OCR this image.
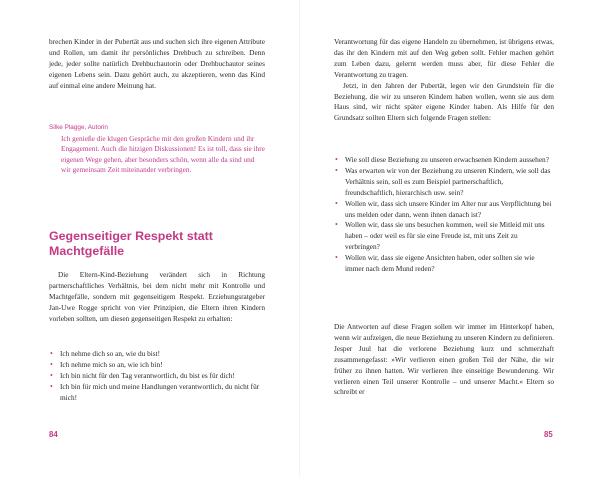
brechen Kinder in der Pubertät aus und suchen sich ihre eigenen Attribute und Rollen, um damit ihr persönliches Drehbuch zu schreiben. Denn jede, jeder sollte natürlich Drehbuchautorin oder Drehbuchautor seines eigenen Lebens sein. Dazu gehört auch, zu akzeptieren, wenn das Kind auf einmal eine andere Meinung hat.

Silke Plagge, Autorin
Ich genieße die klugen Gespräche mit den großen Kindern und ihr Engagement. Auch die hitzigen Diskussionen! Es ist toll, dass sie ihre eigenen Wege gehen, aber besonders schön, wenn alle da sind und wir gemeinsam Zeit miteinander verbringen.
Gegenseitiger Respekt statt
Machtgefälle

Die Eltern-Kind-Beziehung verändert sich in Richtung partnerschaftliches Verhältnis, bei dem nicht mehr mit Kontrolle und Machtgefälle, sondern mit gegenseitigem Respekt. Erziehungsratgeber Jan-Uwe Rogge spricht von vier Prinzipien, die Eltern ihren Kindern vorleben sollten, um diesen gegenseitigen Respekt zu erhalten:

•
Ich nehme dich so an, wie du bist!
•
Ich nehme mich so an, wie ich bin!
•
Ich bin nicht für den Tag verantwortlich, du bist es für dich!
•
Ich bin für mich und meine Handlungen verantwortlich, du nicht für mich!
84

Verantwortung für das eigene Handeln zu übernehmen, ist übrigens etwas, das ihr den Kindern mit auf den Weg geben sollt. Fehler machen gehört zum Leben dazu, gelernt werden muss aber, für diese Fehler die Verantwortung zu tragen.

Jetzt, in den Jahren der Pubertät, legen wir den Grundstein für die Beziehung, die wir zu unseren Kindern haben wollen, wenn sie aus dem Haus sind, wir nicht später eigene Kinder haben. Als Hilfe für den Grundsatz sollten Eltern sich folgende Fragen stellen:

•
Wie soll diese Beziehung zu unseren erwachsenen Kindern aussehen?
•
Was erwarten wir von der Beziehung zu unseren Kindern, wie soll das Verhältnis sein, soll es zum Beispiel partnerschaftlich, freundschaftlich, hierarchisch usw. sein?
•
Wollen wir, dass sich unsere Kinder im Alter nur aus Verpflichtung bei uns melden oder dann, wenn ihnen danach ist?
•
Wollen wir, dass sie uns besuchen kommen, weil sie Mitleid mit uns haben – oder weil es für sie eine Freude ist, mit uns Zeit zu verbringen?
•
Wollen wir, dass sie eigene Ansichten haben, oder sollten sie wie immer nach dem Mund reden?

Die Antworten auf diese Fragen sollen wir immer im Hinterkopf haben, wenn wir aufzeigen, die neue Beziehung zu unseren Kindern zu definieren. Jesper Juul hat die verlorene Beziehung kurz und schmerzhaft zusammengefasst: »Wir verlieren einen großen Teil der Nähe, die wir früher zu ihnen hatten. Wir verlieren ihre einseitige Bewunderung. Wir verlieren einen Teil unserer Kontrolle – und unserer Macht.« Eltern so schreibt er

85
